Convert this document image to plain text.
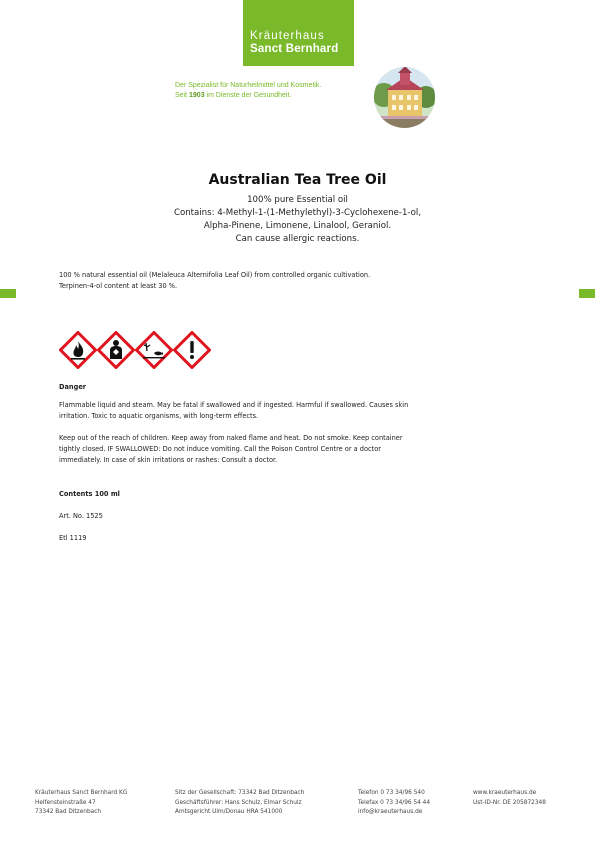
Kräuterhaus
Sanct Bernhard
Der Spezialist für Naturheilmittel und Kosmetik.
Seit 1903 im Dienste der Gesundheit.
Australian Tea Tree Oil
100% pure Essential oil
Contains: 4-Methyl-1-(1-Methylethyl)-3-Cyclohexene-1-ol,
Alpha-Pinene, Limonene, Linalool, Geraniol.
Can cause allergic reactions.
100 % natural essential oil (Melaleuca Alternifolia Leaf Oil) from controlled organic cultivation.
Terpinen-4-ol content at least 30 %.
Danger
Flammable liquid and steam. May be fatal if swallowed and if ingested. Harmful if swallowed. Causes skin
irritation. Toxic to aquatic organisms, with long-term effects.
Keep out of the reach of children. Keep away from naked flame and heat. Do not smoke. Keep container
tightly closed. IF SWALLOWED: Do not induce vomiting. Call the Poison Control Centre or a doctor
immediately. In case of skin irritations or rashes: Consult a doctor.
Contents 100 ml
Art. No. 1525
Etl 1119
Kräuterhaus Sanct Bernhard KG
Helfensteinstraße 47
73342 Bad Ditzenbach
Sitz der Gesellschaft: 73342 Bad Ditzenbach
Geschäftsführer: Hans Schulz, Elmar Schulz
Amtsgericht Ulm/Donau HRA 541000
Telefon 0 73 34/96 540
Telefax 0 73 34/96 54 44
info@kraeuterhaus.de
www.kraeuterhaus.de
Ust-ID-Nr. DE 205872348
